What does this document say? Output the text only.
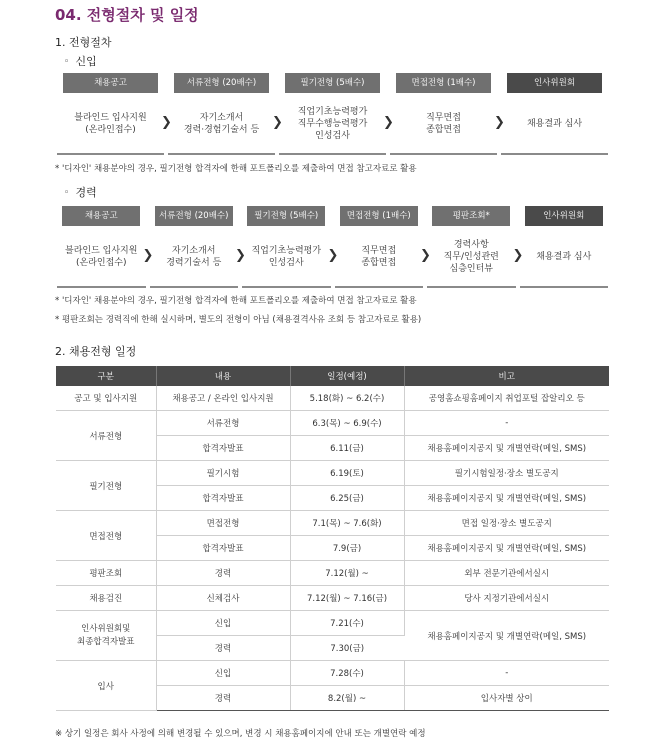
04. 전형절차 및 일정
1. 전형절차
◦ 신입
채용공고
블라인드 입사지원
(온라인접수) ❯
서류전형 (20배수)
자기소개서
경력·경험기술서 등 ❯
필기전형 (5배수)
직업기초능력평가
직무수행능력평가
인성검사
❯
면접전형 (1배수)
직무면접
종합면접	❯
인사위원회
채용결과 심사
* '디자인' 채용분야의 경우, 필기전형 합격자에 한해 포트폴리오를 제출하여 면접 참고자료로 활용
◦ 경력
채용공고
블라인드 입사지원
(온라인접수) ❯
서류전형 (20배수)
자기소개서
경력기술서 등 ❯
필기전형 (5배수)
직업기초능력평가
인성검사 ❯
면접전형 (1배수)
직무면접
종합면접 ❯
평판조회*
경력사항
직무/인성관련
심층인터뷰
❯
인사위원회
채용결과 심사
* '디자인' 채용분야의 경우, 필기전형 합격자에 한해 포트폴리오를 제출하여 면접 참고자료로 활용
* 평판조회는 경력직에 한해 실시하며, 별도의 전형이 아님 (채용결격사유 조회 등 참고자료로 활용)
2. 채용전형 일정
구분	내용	일정(예정)	비고
공고 및 입사지원	채용공고 / 온라인 입사지원	5.18(화) ~ 6.2(수)	공영홈쇼핑홈페이지 취업포털 잡알리오 등
서류전형	서류전형	6.3(목) ~ 6.9(수)	-
	합격자발표	6.11(금)	채용홈페이지공지 및 개별연락(메일, SMS)
필기전형	필기시험	6.19(토)	필기시험일정·장소 별도공지
	합격자발표	6.25(금)	채용홈페이지공지 및 개별연락(메일, SMS)
면접전형	면접전형	7.1(목) ~ 7.6(화)	면접 일정·장소 별도공지
	합격자발표	7.9(금)	채용홈페이지공지 및 개별연락(메일, SMS)
평판조회	경력	7.12(월) ~	외부 전문기관에서실시
채용검진	신체검사	7.12(월) ~ 7.16(금)	당사 지정기관에서실시

인사위원회및
최종합격자발표	신입	7.21(수)	채용홈페이지공지 및 개별연락(메일, SMS)
	경력	7.30(금)	
입사	신입	7.28(수)	-
	경력	8.2(월) ~	입사자별 상이
※ 상기 일정은 회사 사정에 의해 변경될 수 있으며, 변경 시 채용홈페이지에 안내 또는 개별연락 예정
